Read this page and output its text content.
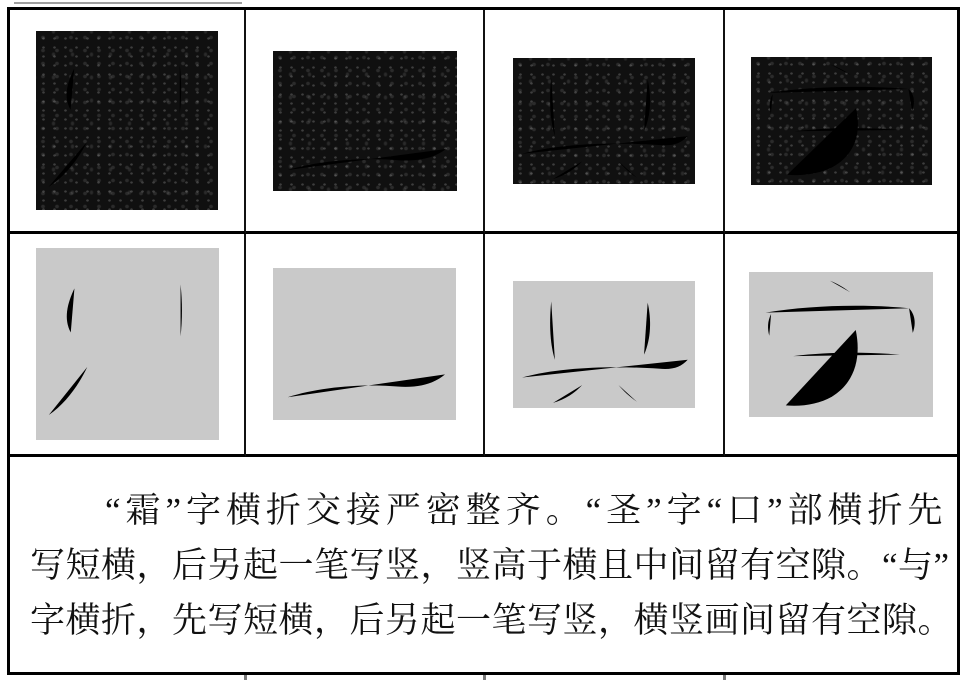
“霜”字横折交接严密整齐。“圣”字“口”部横折先
写短横，后另起一笔写竖，竖高于横且中间留有空隙。“与”
字横折，先写短横，后另起一笔写竖，横竖画间留有空隙。
